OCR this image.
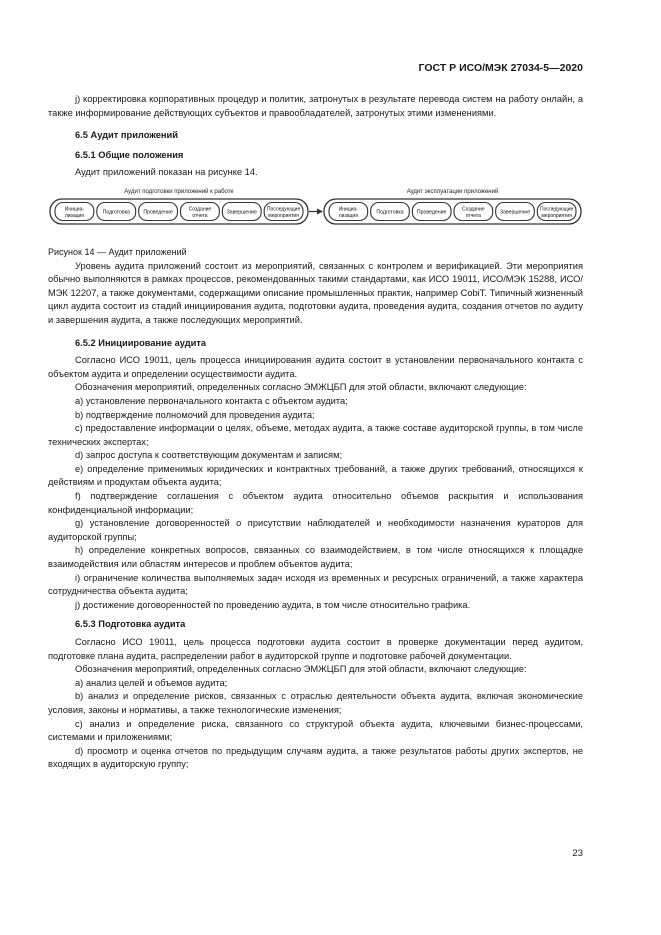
ГОСТ Р ИСО/МЭК 27034-5—2020

j) корректировка корпоративных процедур и политик, затронутых в результате перевода систем на работу онлайн, а также информирование действующих субъектов и правообладателей, затронутых этими изменениями.

6.5 Аудит приложений

6.5.1 Общие положения

Аудит приложений показан на рисунке 14.

Аудит подготовки приложений к работе
Инициа-
лизация
Подготовка	Проведение	Создание
отчета
Завершение Последующие
мероприятия
Аудит эксплуатации приложений
Инициа-
лизация
Подготовка	Проведение	Создание
отчета
Завершение Последующие
мероприятия

Рисунок 14 — Аудит приложений

Уровень аудита приложений состоит из мероприятий, связанных с контролем и верификацией. Эти мероприятия обычно выполняются в рамках процессов, рекомендованных такими стандартами, как ИСО 19011, ИСО/МЭК 15288, ИСО/МЭК 12207, а также документами, содержащими описание промышленных практик, например CobiT. Типичный жизненный цикл аудита состоит из стадий инициирования аудита, подготовки аудита, проведения аудита, создания отчетов по аудиту и завершения аудита, а также последующих мероприятий.

6.5.2 Инициирование аудита

Согласно ИСО 19011, цель процесса инициирования аудита состоит в установлении первоначального контакта с объектом аудита и определении осуществимости аудита.

Обозначения мероприятий, определенных согласно ЭМЖЦБП для этой области, включают следующие:

a) установление первоначального контакта с объектом аудита;

b) подтверждение полномочий для проведения аудита;

c) предоставление информации о целях, объеме, методах аудита, а также составе аудиторской группы, в том числе технических экспертах;

d) запрос доступа к соответствующим документам и записям;

e) определение применимых юридических и контрактных требований, а также других требований, относящихся к действиям и продуктам объекта аудита;

f) подтверждение соглашения с объектом аудита относительно объемов раскрытия и использования конфиденциальной информации;

g) установление договоренностей о присутствии наблюдателей и необходимости назначения кураторов для аудиторской группы;

h) определение конкретных вопросов, связанных со взаимодействием, в том числе относящихся к площадке взаимодействия или областям интересов и проблем объектов аудита;

i) ограничение количества выполняемых задач исходя из временных и ресурсных ограничений, а также характера сотрудничества объекта аудита;

j) достижение договоренностей по проведению аудита, в том числе относительно графика.

6.5.3 Подготовка аудита

Согласно ИСО 19011, цель процесса подготовки аудита состоит в проверке документации перед аудитом, подготовке плана аудита, распределении работ в аудиторской группе и подготовке рабочей документации.

Обозначения мероприятий, определенных согласно ЭМЖЦБП для этой области, включают следующие:

a) анализ целей и объемов аудита;

b) анализ и определение рисков, связанных с отраслью деятельности объекта аудита, включая экономические условия, законы и нормативы, а также технологические изменения;

c) анализ и определение риска, связанного со структурой объекта аудита, ключевыми бизнес-процессами, системами и приложениями;

d) просмотр и оценка отчетов по предыдущим случаям аудита, а также результатов работы других экспертов, не входящих в аудиторскую группу;

23
